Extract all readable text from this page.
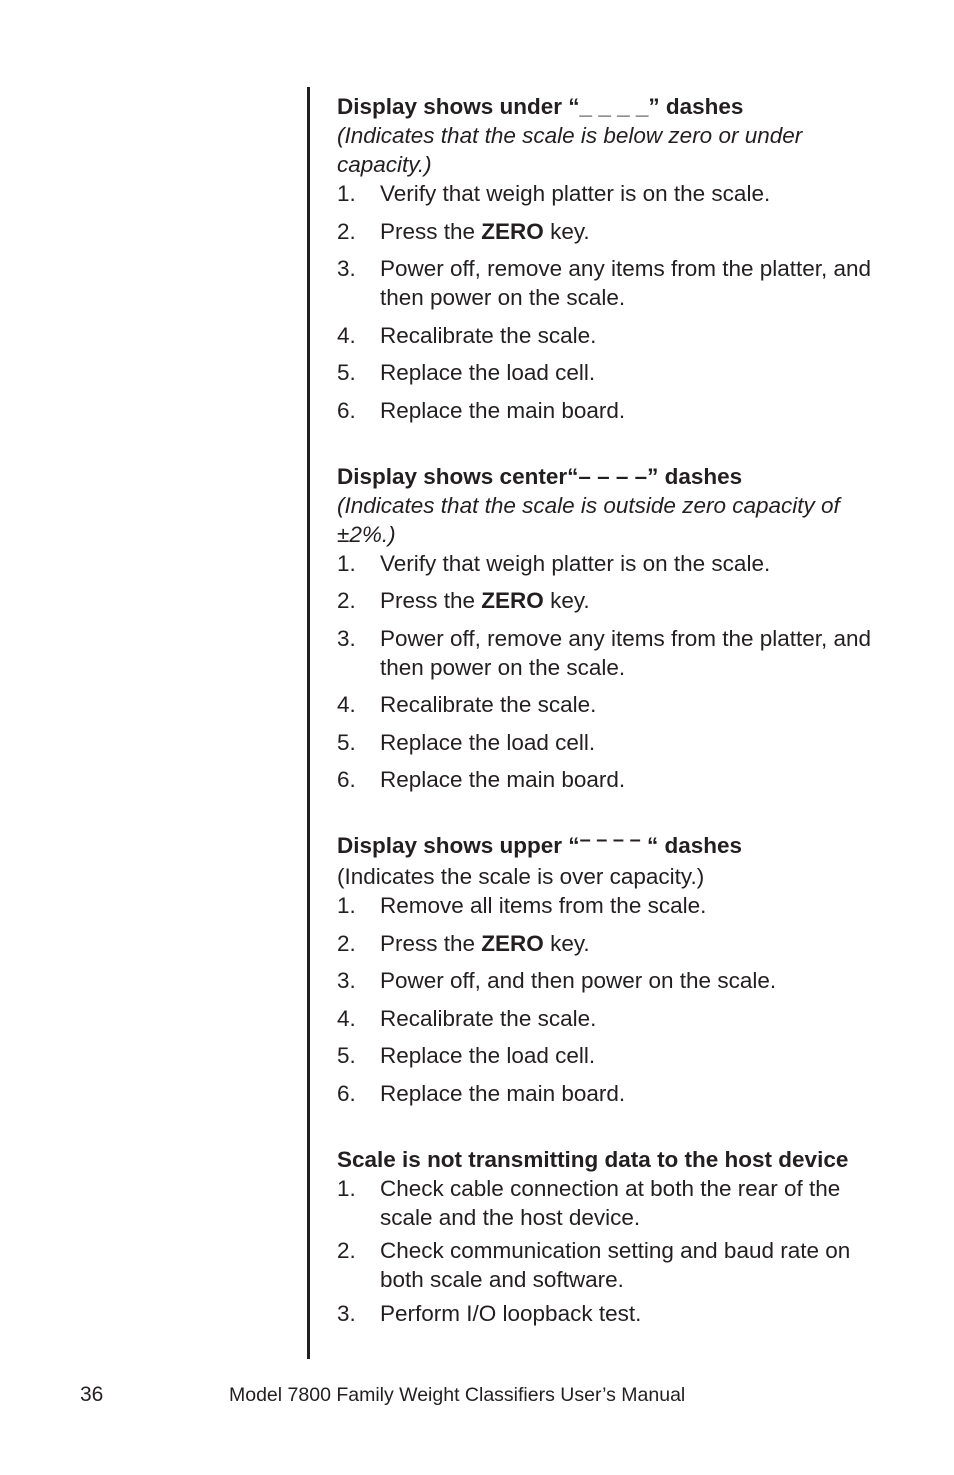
Display shows under “_ _ _ _” dashes
(Indicates that the scale is below zero or under capacity.)
1.	Verify that weigh platter is on the scale.
2.	Press the ZERO key.
3.	Power off, remove any items from the platter, and then power on the scale.
4.	Recalibrate the scale.
5.	Replace the load cell.
6.	Replace the main board.
Display shows center“– – – –” dashes
(Indicates that the scale is outside zero capacity of ±2%.)
1.	Verify that weigh platter is on the scale.
2.	Press the ZERO key.
3.	Power off, remove any items from the platter, and then power on the scale.
4.	Recalibrate the scale.
5.	Replace the load cell.
6.	Replace the main board.
Display shows upper “– – – – “ dashes
(Indicates the scale is over capacity.)
1.	Remove all items from the scale.
2.	Press the ZERO key.
3.	Power off, and then power on the scale.
4.	Recalibrate the scale.
5.	Replace the load cell.
6.	Replace the main board.
Scale is not transmitting data to the host device
1.	Check cable connection at both the rear of the scale and the host device.
2.	Check communication setting and baud rate on both scale and software.
3.	Perform I/O loopback test.
36	Model 7800 Family Weight Classifiers User’s Manual
